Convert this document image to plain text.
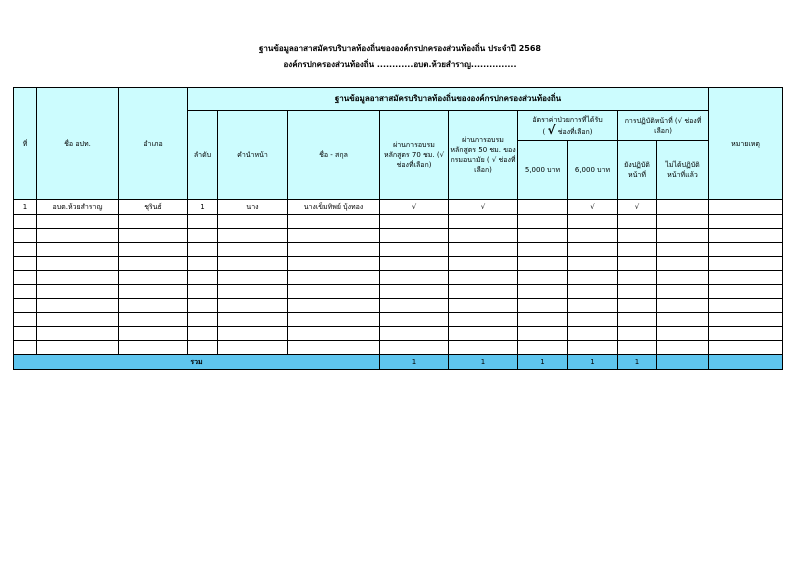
ฐานข้อมูลอาสาสมัครบริบาลท้องถิ่นขององค์กรปกครองส่วนท้องถิ่น ประจำปี 2568
องค์กรปกครองส่วนท้องถิ่น ............อบต.ห้วยสำราญ...............
ที่	ชื่อ อปท.	อำเภอ	ฐานข้อมูลอาสาสมัครบริบาลท้องถิ่นขององค์กรปกครองส่วนท้องถิ่น									หมายเหตุ
			ลำดับ	คำนำหน้า	ชื่อ - สกุล	ผ่านการอบรมหลักสูตร 70 ชม. (√ ช่องที่เลือก)	ผ่านการอบรมหลักสูตร 50 ชม. ของกรมอนามัย ( √ ช่องที่เลือก)	อัตราค่าป่วยการที่ได้รับ
( √ ช่องที่เลือก)		การปฏิบัติหน้าที่ (√ ช่องที่เลือก)		
								5,000 บาท	6,000 บาท	ยังปฏิบัติหน้าที่	ไม่ได้ปฏิบัติหน้าที่แล้ว	
1	อบต.ห้วยสำราญ	ชุรินธ์	1	นาง	นางเข็มทิพย์ บุ้งทอง	√	√		√	√		

รวม						1	1	1	1	1		
